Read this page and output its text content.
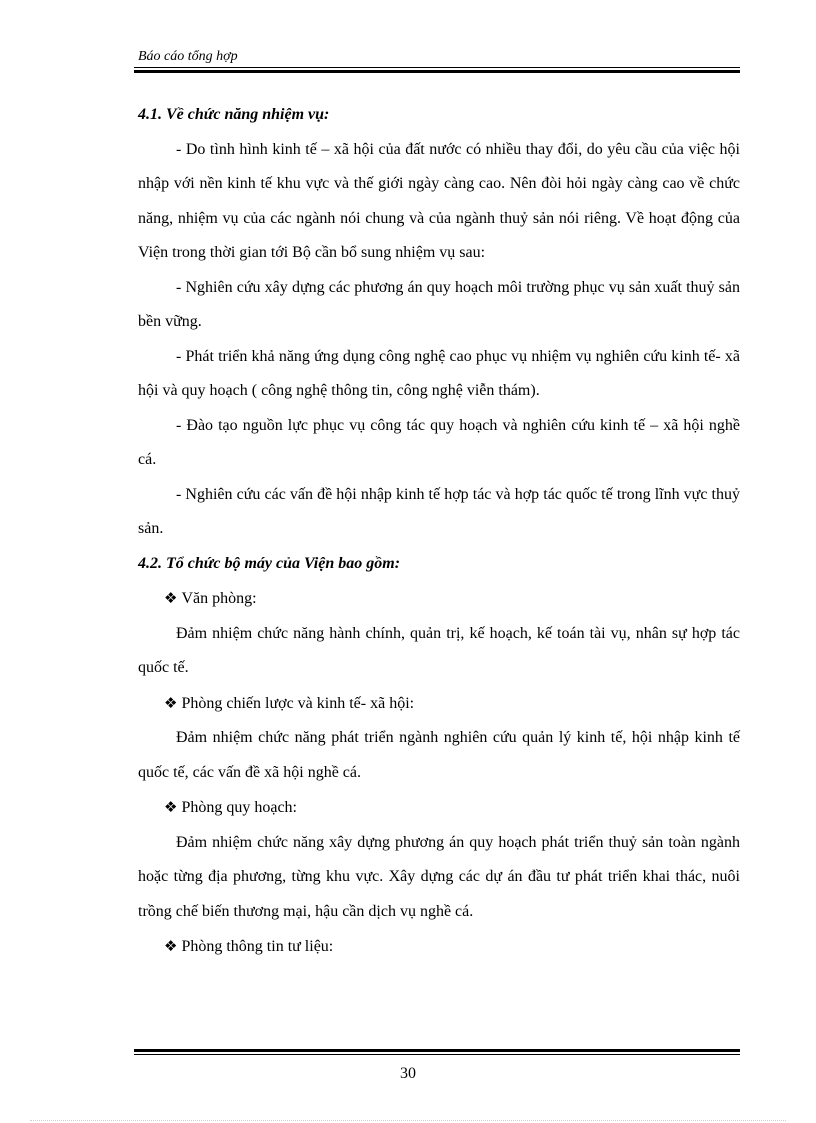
Báo cáo tổng hợp

4.1. Về chức năng nhiệm vụ:

- Do tình hình kinh tế – xã hội của đất nước có nhiều thay đổi, do yêu cầu của việc hội nhập với nền kinh tế khu vực và thế giới ngày càng cao. Nên đòi hỏi ngày càng cao về chức năng, nhiệm vụ của các ngành nói chung và của ngành thuỷ sản nói riêng. Về hoạt động của Viện trong thời gian tới Bộ cần bổ sung nhiệm vụ sau:

- Nghiên cứu xây dựng các phương án quy hoạch môi trường phục vụ sản xuất thuỷ sản bền vững.

- Phát triển khả năng ứng dụng công nghệ cao phục vụ nhiệm vụ nghiên cứu kinh tế- xã hội và quy hoạch ( công nghệ thông tin, công nghệ viễn thám).

- Đào tạo nguồn lực phục vụ công tác quy hoạch và nghiên cứu kinh tế – xã hội nghề cá.

- Nghiên cứu các vấn đề hội nhập kinh tế hợp tác và hợp tác quốc tế trong lĩnh vực thuỷ sản.

4.2. Tổ chức bộ máy của Viện bao gồm:

❖ Văn phòng:

Đảm nhiệm chức năng hành chính, quản trị, kế hoạch, kế toán tài vụ, nhân sự hợp tác quốc tế.

❖ Phòng chiến lược và kinh tế- xã hội:

Đảm nhiệm chức năng phát triển ngành nghiên cứu quản lý kinh tế, hội nhập kinh tế quốc tế, các vấn đề xã hội nghề cá.

❖ Phòng quy hoạch:

Đảm nhiệm chức năng xây dựng phương án quy hoạch phát triển thuỷ sản toàn ngành hoặc từng địa phương, từng khu vực. Xây dựng các dự án đầu tư phát triển khai thác, nuôi trồng chế biến thương mại, hậu cần dịch vụ nghề cá.

❖ Phòng thông tin tư liệu:

30
